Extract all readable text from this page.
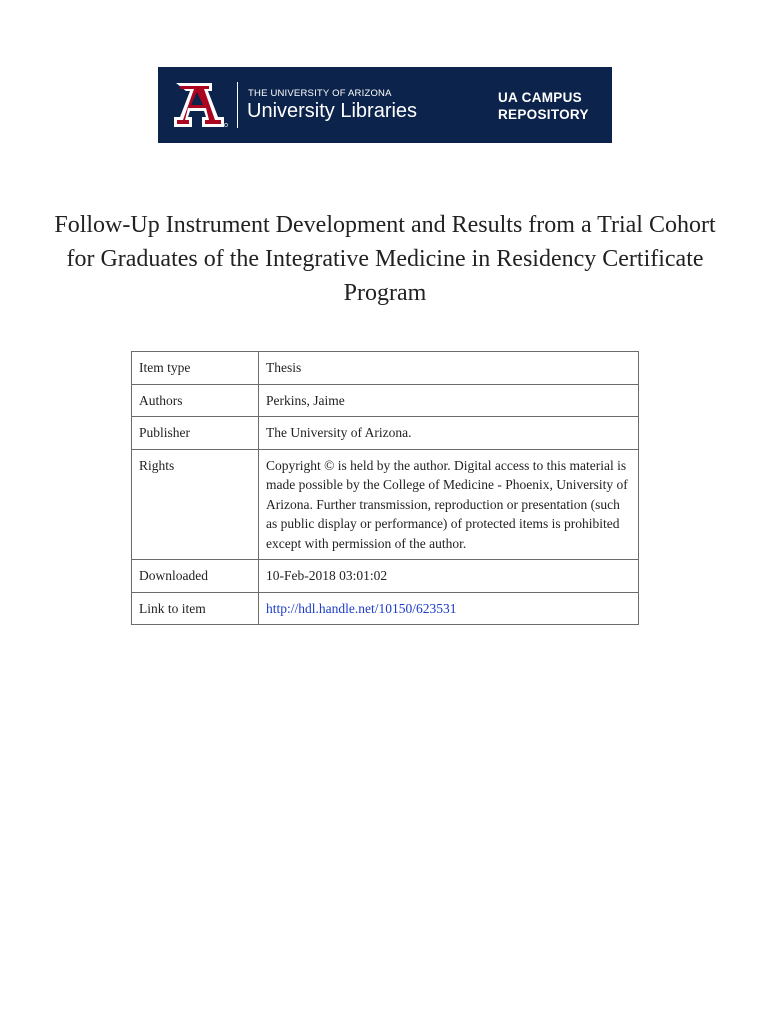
THE UNIVERSITY OF ARIZONA
University Libraries
UA CAMPUS
REPOSITORY
Follow-Up Instrument Development and Results from a Trial Cohort for Graduates of the Integrative Medicine in Residency Certificate Program
Item type	Thesis
Authors	Perkins, Jaime
Publisher	The University of Arizona.
Rights	Copyright © is held by the author. Digital access to this material is made possible by the College of Medicine - Phoenix, University of Arizona. Further transmission, reproduction or presentation (such as public display or performance) of protected items is prohibited except with permission of the author.
Downloaded	10-Feb-2018 03:01:02
Link to item	http://hdl.handle.net/10150/623531
